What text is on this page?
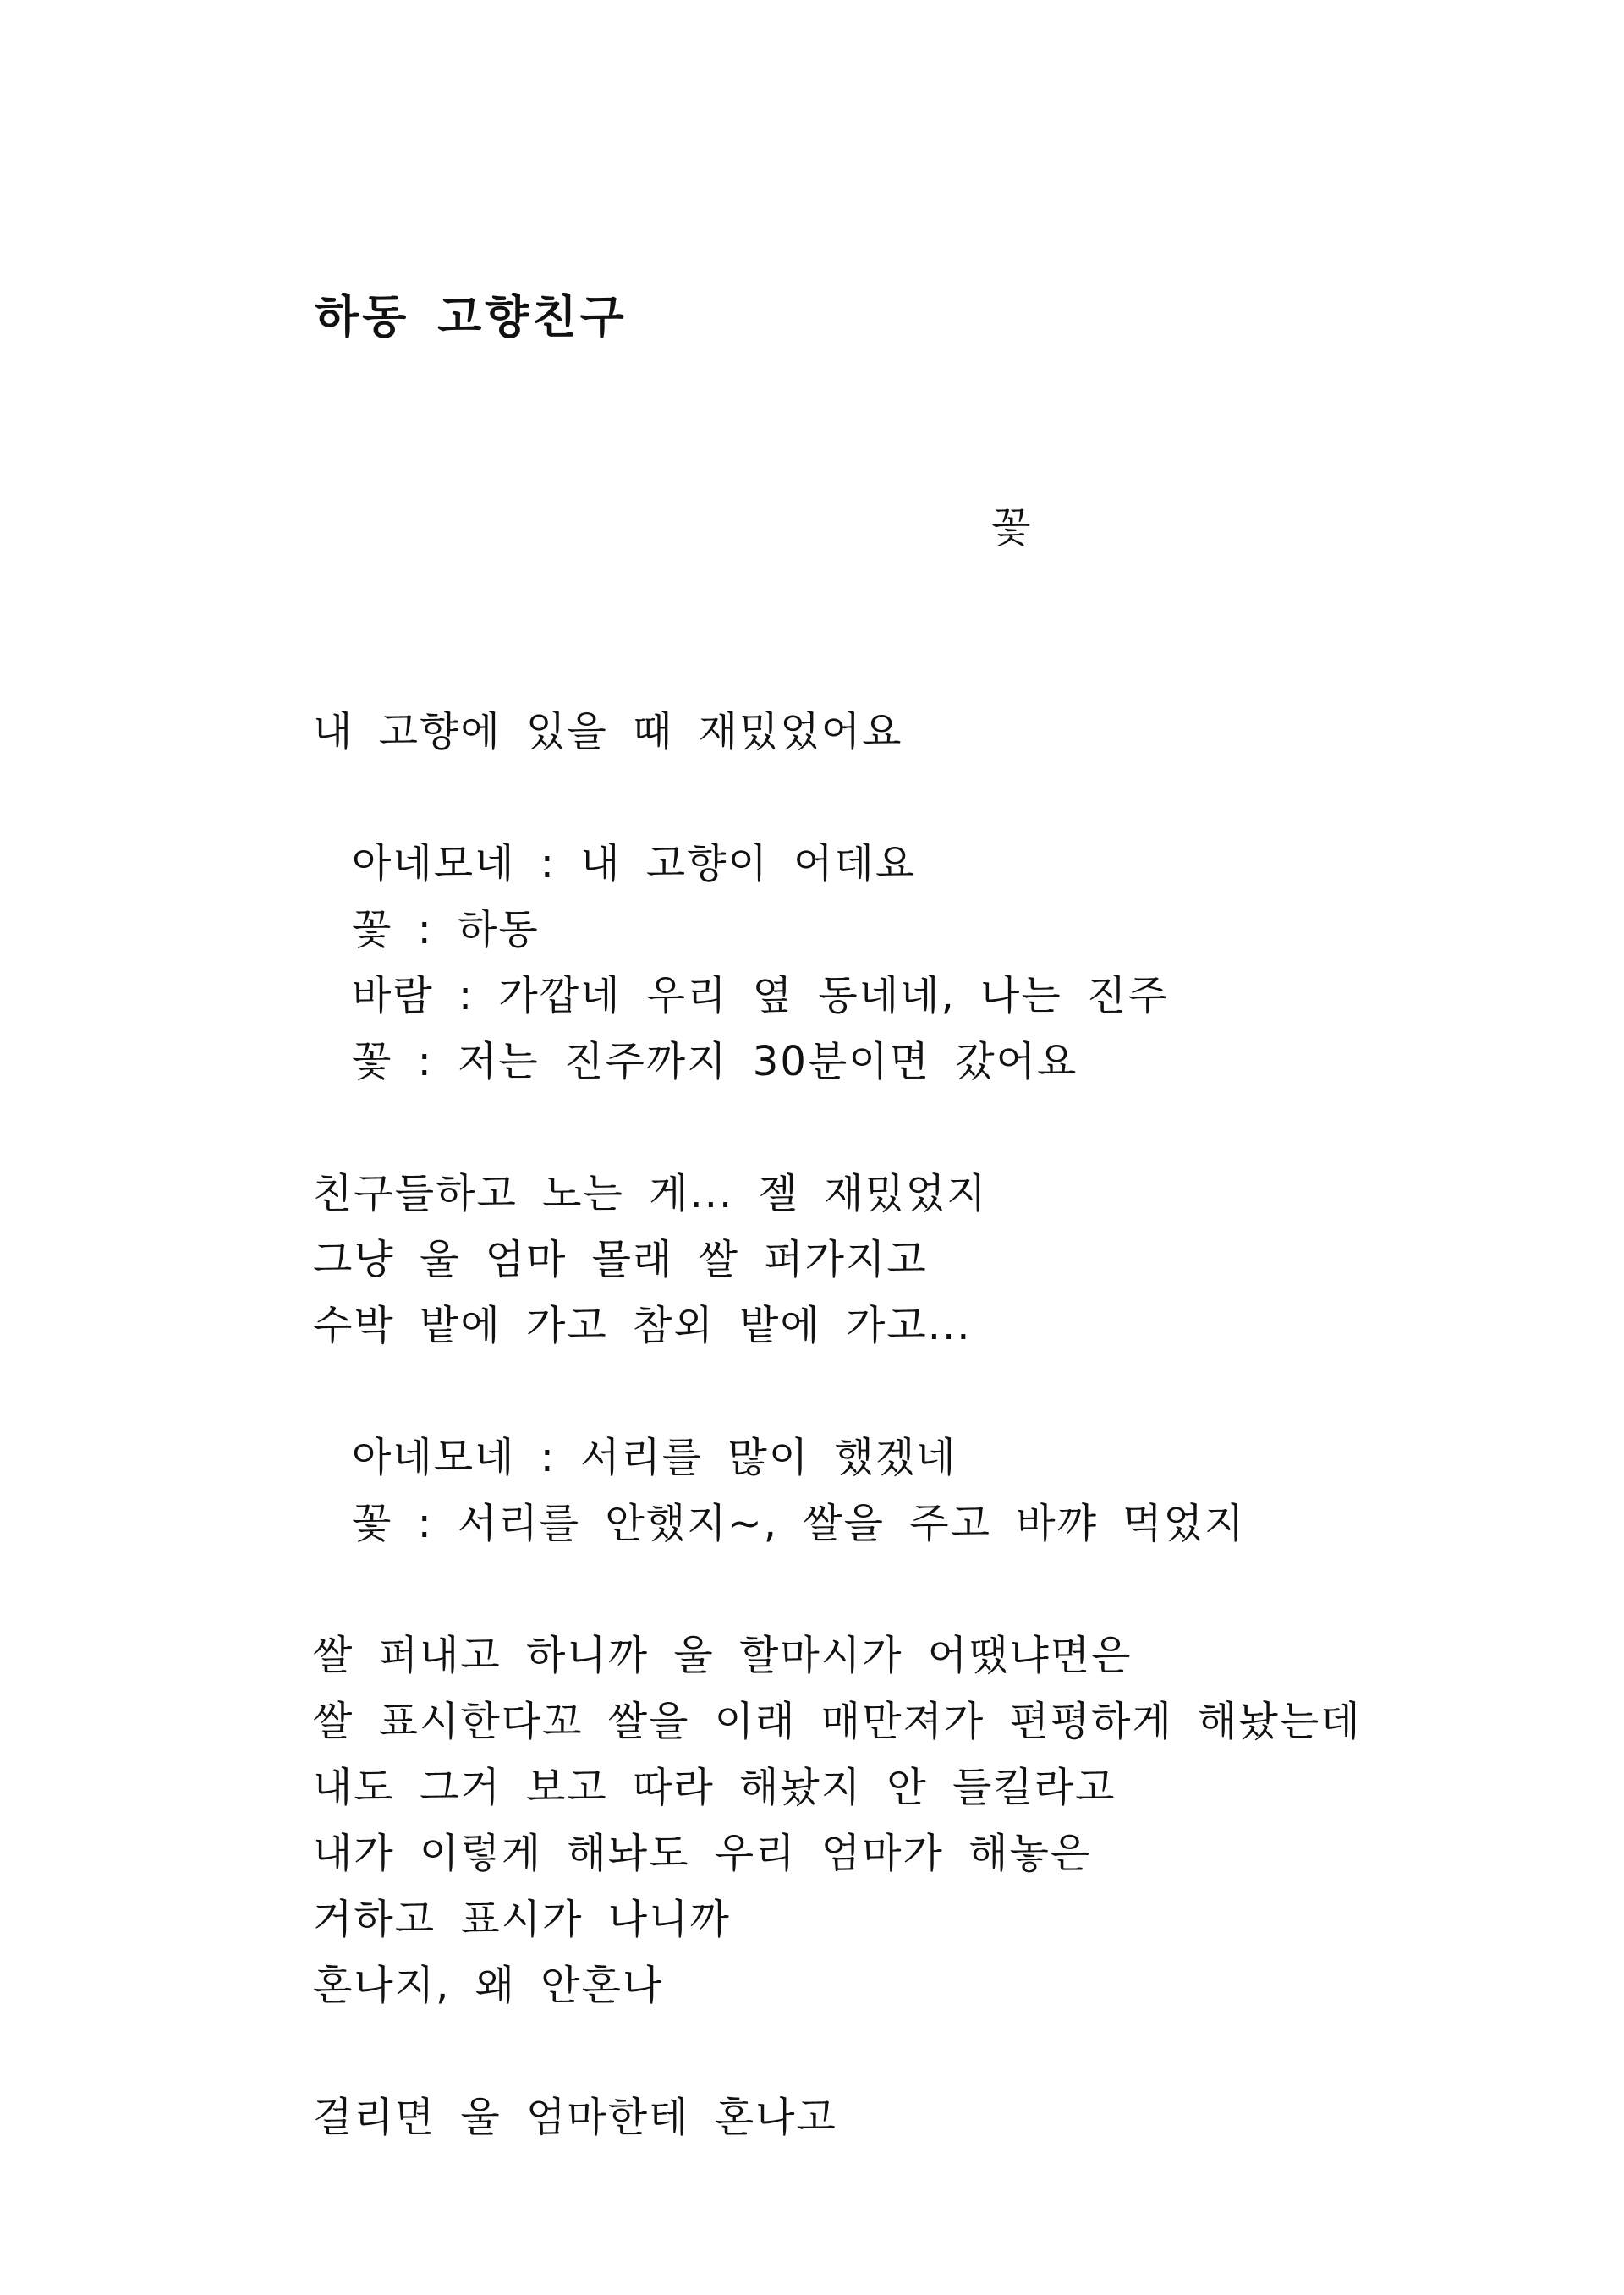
하동 고향친구
꽃
내 고향에 있을 때 재밌었어요
아네모네 : 내 고향이 어데요
꽃 : 하동
바람 : 가깝네 우리 옆 동네네, 나는 진주
꽃 : 저는 진주까지 30분이면 갔어요
친구들하고 노는 게... 젤 재밌었지
그냥 울 엄마 몰래 쌀 퍼가지고
수박 밭에 가고 참외 밭에 가고...
아네모네 : 서리를 많이 했겠네
꽃 : 서리를 안했지~, 쌀을 주고 바꺄 먹었지
쌀 퍼내고 하니까 울 할마시가 어땠냐면은
쌀 표시한다꼬 쌀을 이래 매만져가 편평하게 해놨는데
내도 그거 보고 따라 해놨지 안 들킬라고
내가 이렇게 해놔도 우리 엄마가 해놓은
거하고 표시가 나니까
혼나지, 왜 안혼나
걸리면 울 엄마한테 혼나고
